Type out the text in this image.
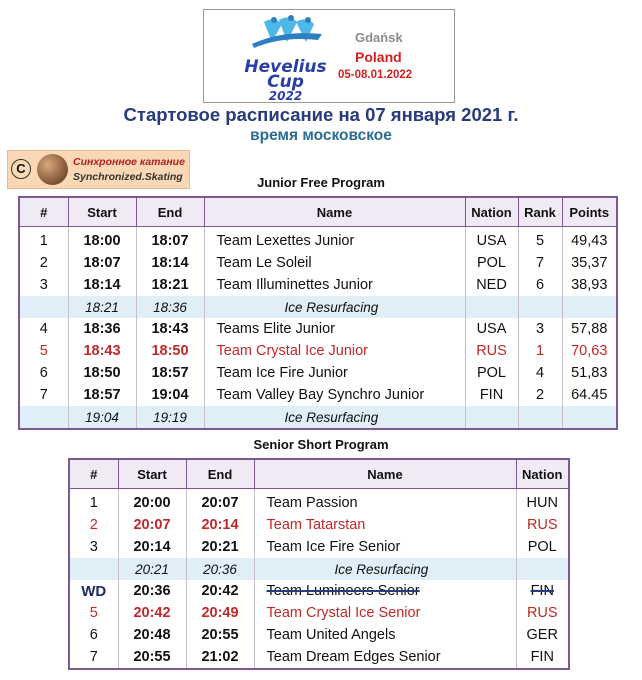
Hevelius
Cup
2022
Gdańsk
Poland
05-08.01.2022
Стартовое расписание на 07 января 2021 г.
время московское
C	Синхронное катание
Synchronized.Skating	Junior Free Program
#	Start	End	Name	Nation	Rank	Points
1	18:00	18:07	Team Lexettes Junior	USA	5	49,43
2	18:07	18:14	Team Le Soleil	POL	7	35,37
3	18:14	18:21	Team Illuminettes Junior	NED	6	38,93
	18:21	18:36	Ice Resurfacing			
4	18:36	18:43	Teams Elite Junior	USA	3	57,88
5	18:43	18:50	Team Crystal Ice Junior	RUS	1	70,63
6	18:50	18:57	Team Ice Fire Junior	POL	4	51,83
7	18:57	19:04	Team Valley Bay Synchro Junior	FIN	2	64.45
	19:04	19:19	Ice Resurfacing			
Senior Short Program
#	Start	End	Name	Nation
1	20:00	20:07	Team Passion	HUN
2	20:07	20:14	Team Tatarstan	RUS
3	20:14	20:21	Team Ice Fire Senior	POL
	20:21	20:36	Ice Resurfacing	
WD	20:36	20:42	Team Lumineers Senior	FIN
5	20:42	20:49	Team Crystal Ice Senior	RUS
6	20:48	20:55	Team United Angels	GER
7	20:55	21:02	Team Dream Edges Senior	FIN
